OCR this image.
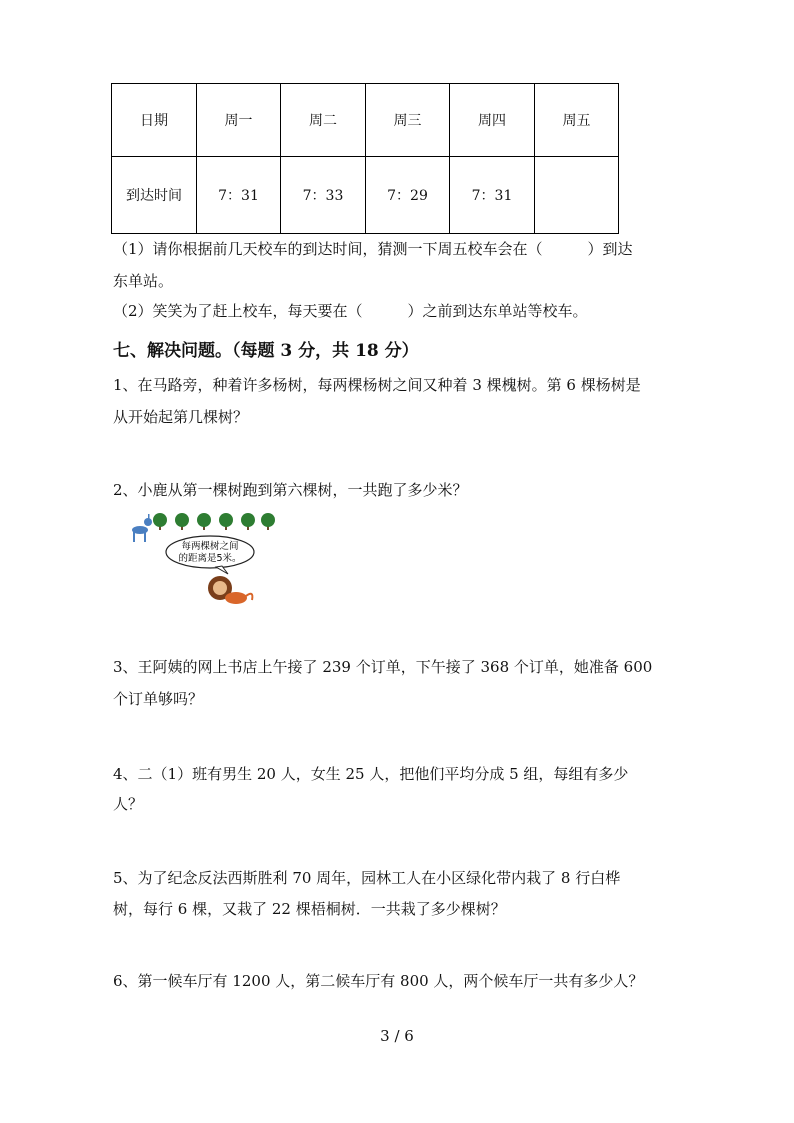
日期	周一	周二	周三	周四	周五
到达时间	7：31	7：33	7：29	7：31	
（1）请你根据前几天校车的到达时间，猜测一下周五校车会在（　　　）到达
东单站。
（2）笑笑为了赶上校车，每天要在（　　　）之前到达东单站等校车。
七、解决问题。（每题 3 分，共 18 分）
1、在马路旁，种着许多杨树，每两棵杨树之间又种着 3 棵槐树。第 6 棵杨树是
从开始起第几棵树？
2、小鹿从第一棵树跑到第六棵树，一共跑了多少米？
每两棵树之间
的距离是5米。
3、王阿姨的网上书店上午接了 239 个订单，下午接了 368 个订单，她准备 600
个订单够吗？
4、二（1）班有男生 20 人，女生 25 人，把他们平均分成 5 组，每组有多少
人？
5、为了纪念反法西斯胜利 70 周年，园林工人在小区绿化带内栽了 8 行白桦
树，每行 6 棵，又栽了 22 棵梧桐树．一共栽了多少棵树？
6、第一候车厅有 1200 人，第二候车厅有 800 人，两个候车厅一共有多少人？
3 / 6
